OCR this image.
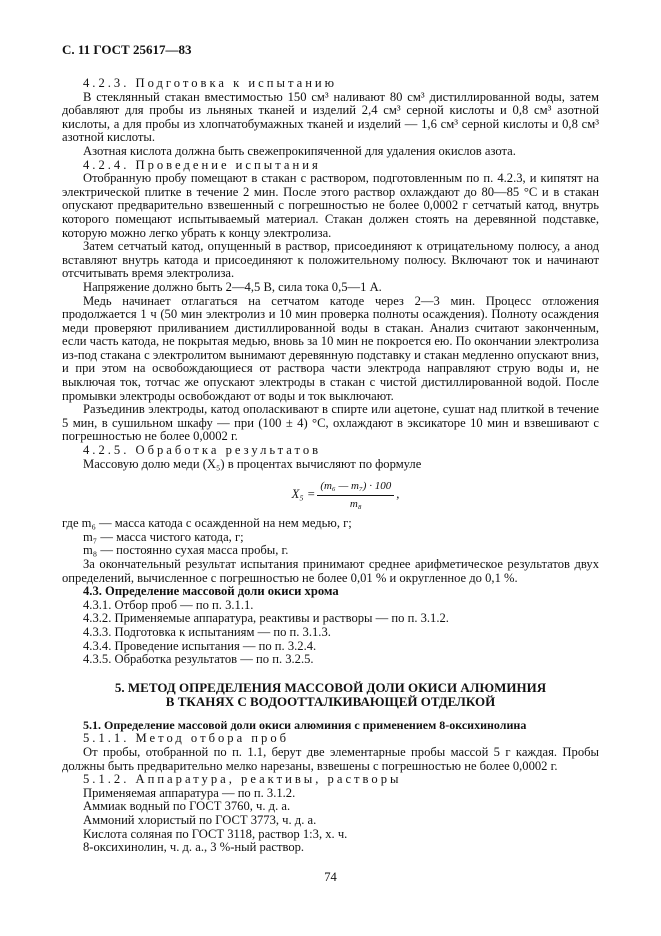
С. 11 ГОСТ 25617—83

4.2.3. Подготовка к испытанию

В стеклянный стакан вместимостью 150 см³ наливают 80 см³ дистиллированной воды, затем добавляют для пробы из льняных тканей и изделий 2,4 см³ серной кислоты и 0,8 см³ азотной кислоты, а для пробы из хлопчатобумажных тканей и изделий — 1,6 см³ серной кислоты и 0,8 см³ азотной кислоты.

Азотная кислота должна быть свежепрокипяченной для удаления окислов азота.

4.2.4. Проведение испытания

Отобранную пробу помещают в стакан с раствором, подготовленным по п. 4.2.3, и кипятят на электрической плитке в течение 2 мин. После этого раствор охлаждают до 80—85 °С и в стакан опускают предварительно взвешенный с погрешностью не более 0,0002 г сетчатый катод, внутрь которого помещают испытываемый материал. Стакан должен стоять на деревянной подставке, которую можно легко убрать к концу электролиза.

Затем сетчатый катод, опущенный в раствор, присоединяют к отрицательному полюсу, а анод вставляют внутрь катода и присоединяют к положительному полюсу. Включают ток и начинают отсчитывать время электролиза.

Напряжение должно быть 2—4,5 В, сила тока 0,5—1 А.

Медь начинает отлагаться на сетчатом катоде через 2—3 мин. Процесс отложения продолжается 1 ч (50 мин электролиз и 10 мин проверка полноты осаждения). Полноту осаждения меди проверяют приливанием дистиллированной воды в стакан. Анализ считают законченным, если часть катода, не покрытая медью, вновь за 10 мин не покроется ею. По окончании электролиза из-под стакана с электролитом вынимают деревянную подставку и стакан медленно опускают вниз, и при этом на освобождающиеся от раствора части электрода направляют струю воды и, не выключая ток, тотчас же опускают электроды в стакан с чистой дистиллированной водой. После промывки электроды освобождают от воды и ток выключают.

Разъединив электроды, катод ополаскивают в спирте или ацетоне, сушат над плиткой в течение 5 мин, в сушильном шкафу — при (100 ± 4) °С, охлаждают в эксикаторе 10 мин и взвешивают с погрешностью не более 0,0002 г.

4.2.5. Обработка результатов

Массовую долю меди (X₅) в процентах вычисляют по формуле

$X_5 = \frac{\text{(m₆ — m₇) · 100}}{\text{m₈}}$ ,

где m₆ — масса катода с осажденной на нем медью, г;

m₇ — масса чистого катода, г;

m₈ — постоянно сухая масса пробы, г.

За окончательный результат испытания принимают среднее арифметическое результатов двух определений, вычисленное с погрешностью не более 0,01 % и округленное до 0,1 %.

4.3. Определение массовой доли окиси хрома

4.3.1. Отбор проб — по п. 3.1.1.

4.3.2. Применяемые аппаратура, реактивы и растворы — по п. 3.1.2.

4.3.3. Подготовка к испытаниям — по п. 3.1.3.

4.3.4. Проведение испытания — по п. 3.2.4.

4.3.5. Обработка результатов — по п. 3.2.5.

5. МЕТОД ОПРЕДЕЛЕНИЯ МАССОВОЙ ДОЛИ ОКИСИ АЛЮМИНИЯ
В ТКАНЯХ С ВОДООТТАЛКИВАЮЩЕЙ ОТДЕЛКОЙ

5.1. Определение массовой доли окиси алюминия с применением 8-оксихинолина

5.1.1. Метод отбора проб

От пробы, отобранной по п. 1.1, берут две элементарные пробы массой 5 г каждая. Пробы должны быть предварительно мелко нарезаны, взвешены с погрешностью не более 0,0002 г.

5.1.2. Аппаратура, реактивы, растворы

Применяемая аппаратура — по п. 3.1.2.

Аммиак водный по ГОСТ 3760, ч. д. а.

Аммоний хлористый по ГОСТ 3773, ч. д. а.

Кислота соляная по ГОСТ 3118, раствор 1:3, х. ч.

8-оксихинолин, ч. д. а., 3 %-ный раствор.

74
